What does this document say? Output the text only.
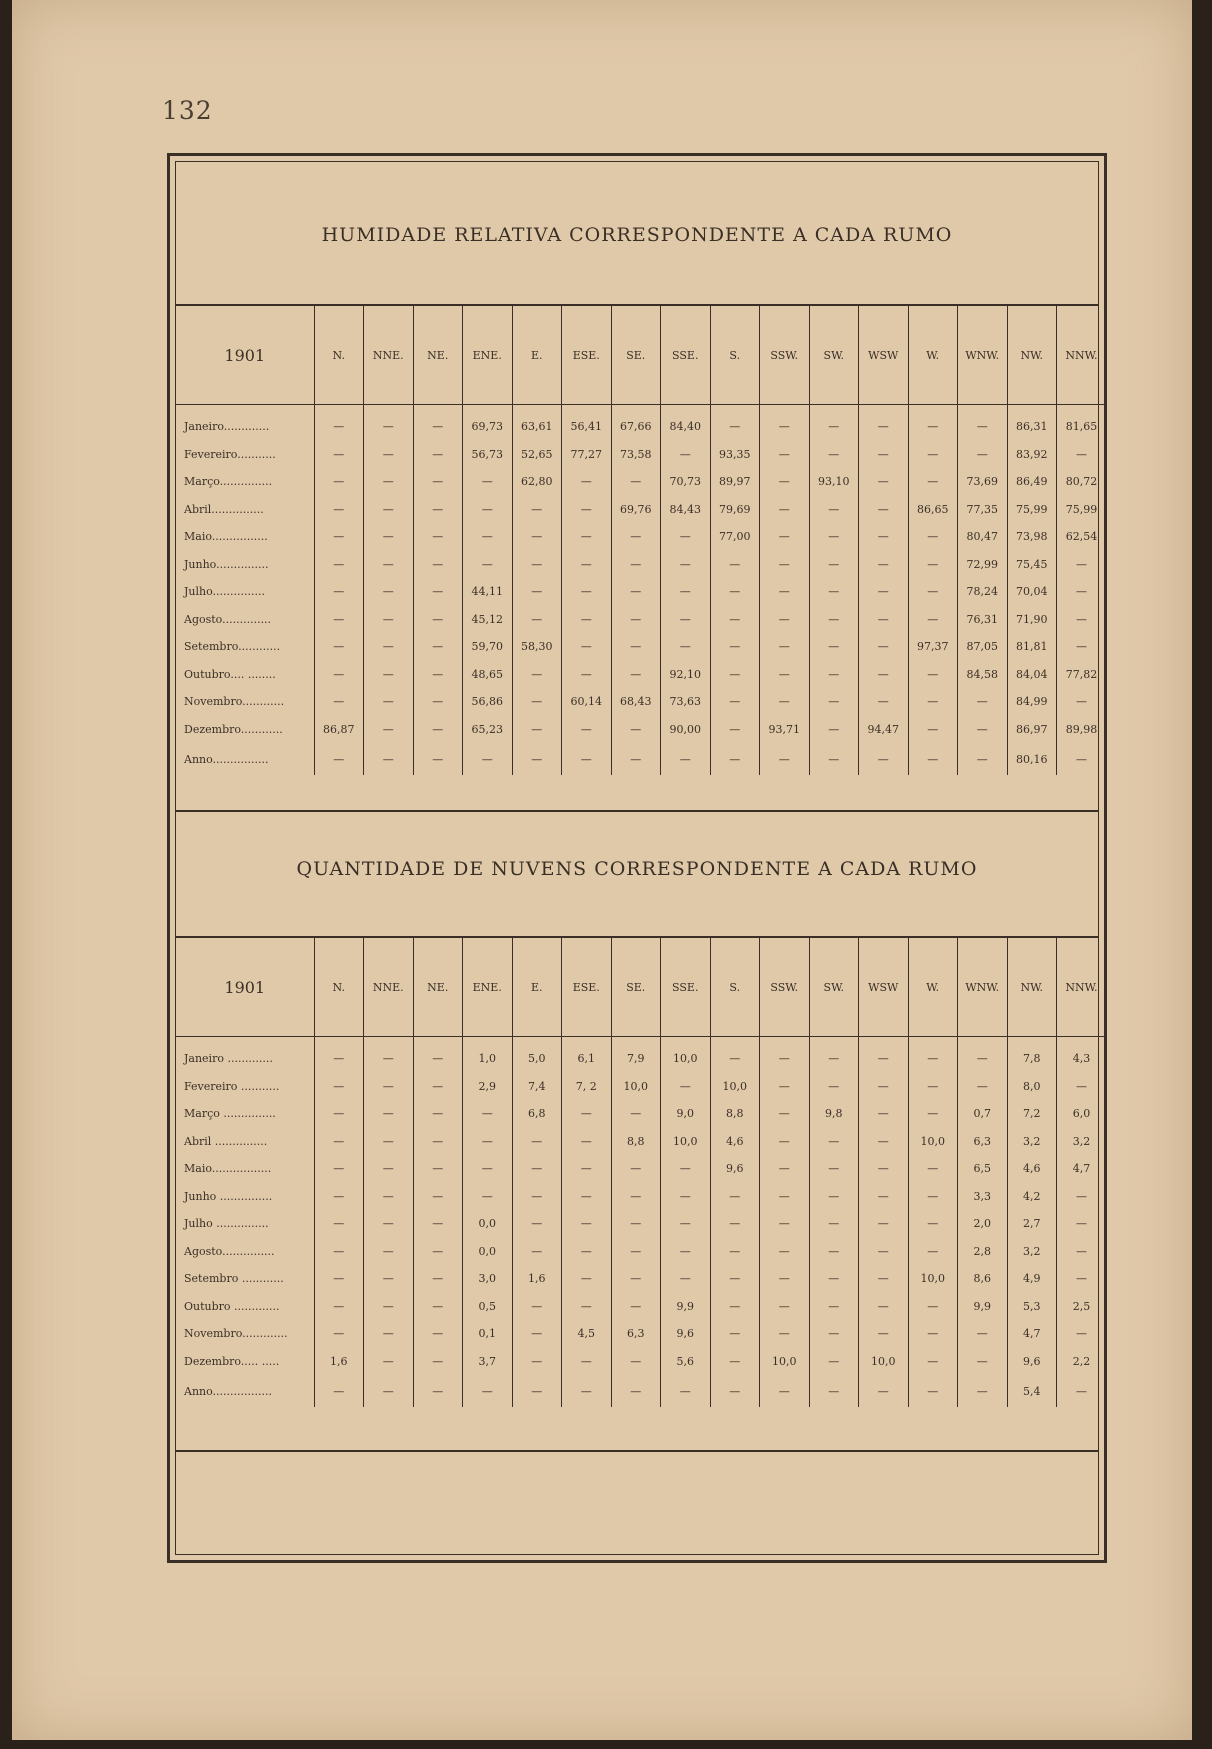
132
HUMIDADE RELATIVA CORRESPONDENTE A CADA RUMO
1901	N.	NNE.	NE.	ENE.	E.	ESE.	SE.	SSE.	S.	SSW.	SW.	WSW	W.	WNW.	NW.	NNW.

Janeiro.............	—	—	—	69,73	63,61	56,41	67,66	84,40	—	—	—	—	—	—	86,31	81,65
Fevereiro...........	—	—	—	56,73	52,65	77,27	73,58	—	93,35	—	—	—	—	—	83,92	—
Março...............	—	—	—	—	62,80	—	—	70,73	89,97	—	93,10	—	—	73,69	86,49	80,72
Abril...............	—	—	—	—	—	—	69,76	84,43	79,69	—	—	—	86,65	77,35	75,99	75,99
Maio................	—	—	—	—	—	—	—	—	77,00	—	—	—	—	80,47	73,98	62,54
Junho...............	—	—	—	—	—	—	—	—	—	—	—	—	—	72,99	75,45	—
Julho...............	—	—	—	44,11	—	—	—	—	—	—	—	—	—	78,24	70,04	—
Agosto..............	—	—	—	45,12	—	—	—	—	—	—	—	—	—	76,31	71,90	—
Setembro............	—	—	—	59,70	58,30	—	—	—	—	—	—	—	97,37	87,05	81,81	—
Outubro.... ........	—	—	—	48,65	—	—	—	92,10	—	—	—	—	—	84,58	84,04	77,82
Novembro............	—	—	—	56,86	—	60,14	68,43	73,63	—	—	—	—	—	—	84,99	—
Dezembro............	86,87	—	—	65,23	—	—	—	90,00	—	93,71	—	94,47	—	—	86,97	89,98
Anno................	—	—	—	—	—	—	—	—	—	—	—	—	—	—	80,16	—
QUANTIDADE DE NUVENS CORRESPONDENTE A CADA RUMO
1901	N.	NNE.	NE.	ENE.	E.	ESE.	SE.	SSE.	S.	SSW.	SW.	WSW	W.	WNW.	NW.	NNW.

Janeiro .............	—	—	—	1,0	5,0	6,1	7,9	10,0	—	—	—	—	—	—	7,8	4,3
Fevereiro ...........	—	—	—	2,9	7,4	7, 2	10,0	—	10,0	—	—	—	—	—	8,0	—
Março ...............	—	—	—	—	6,8	—	—	9,0	8,8	—	9,8	—	—	0,7	7,2	6,0
Abril ...............	—	—	—	—	—	—	8,8	10,0	4,6	—	—	—	10,0	6,3	3,2	3,2
Maio.................	—	—	—	—	—	—	—	—	9,6	—	—	—	—	6,5	4,6	4,7
Junho ...............	—	—	—	—	—	—	—	—	—	—	—	—	—	3,3	4,2	—
Julho ...............	—	—	—	0,0	—	—	—	—	—	—	—	—	—	2,0	2,7	—
Agosto...............	—	—	—	0,0	—	—	—	—	—	—	—	—	—	2,8	3,2	—
Setembro ............	—	—	—	3,0	1,6	—	—	—	—	—	—	—	10,0	8,6	4,9	—
Outubro .............	—	—	—	0,5	—	—	—	9,9	—	—	—	—	—	9,9	5,3	2,5
Novembro.............	—	—	—	0,1	—	4,5	6,3	9,6	—	—	—	—	—	—	4,7	—
Dezembro..... .....	1,6	—	—	3,7	—	—	—	5,6	—	10,0	—	10,0	—	—	9,6	2,2
Anno.................	—	—	—	—	—	—	—	—	—	—	—	—	—	—	5,4	—
